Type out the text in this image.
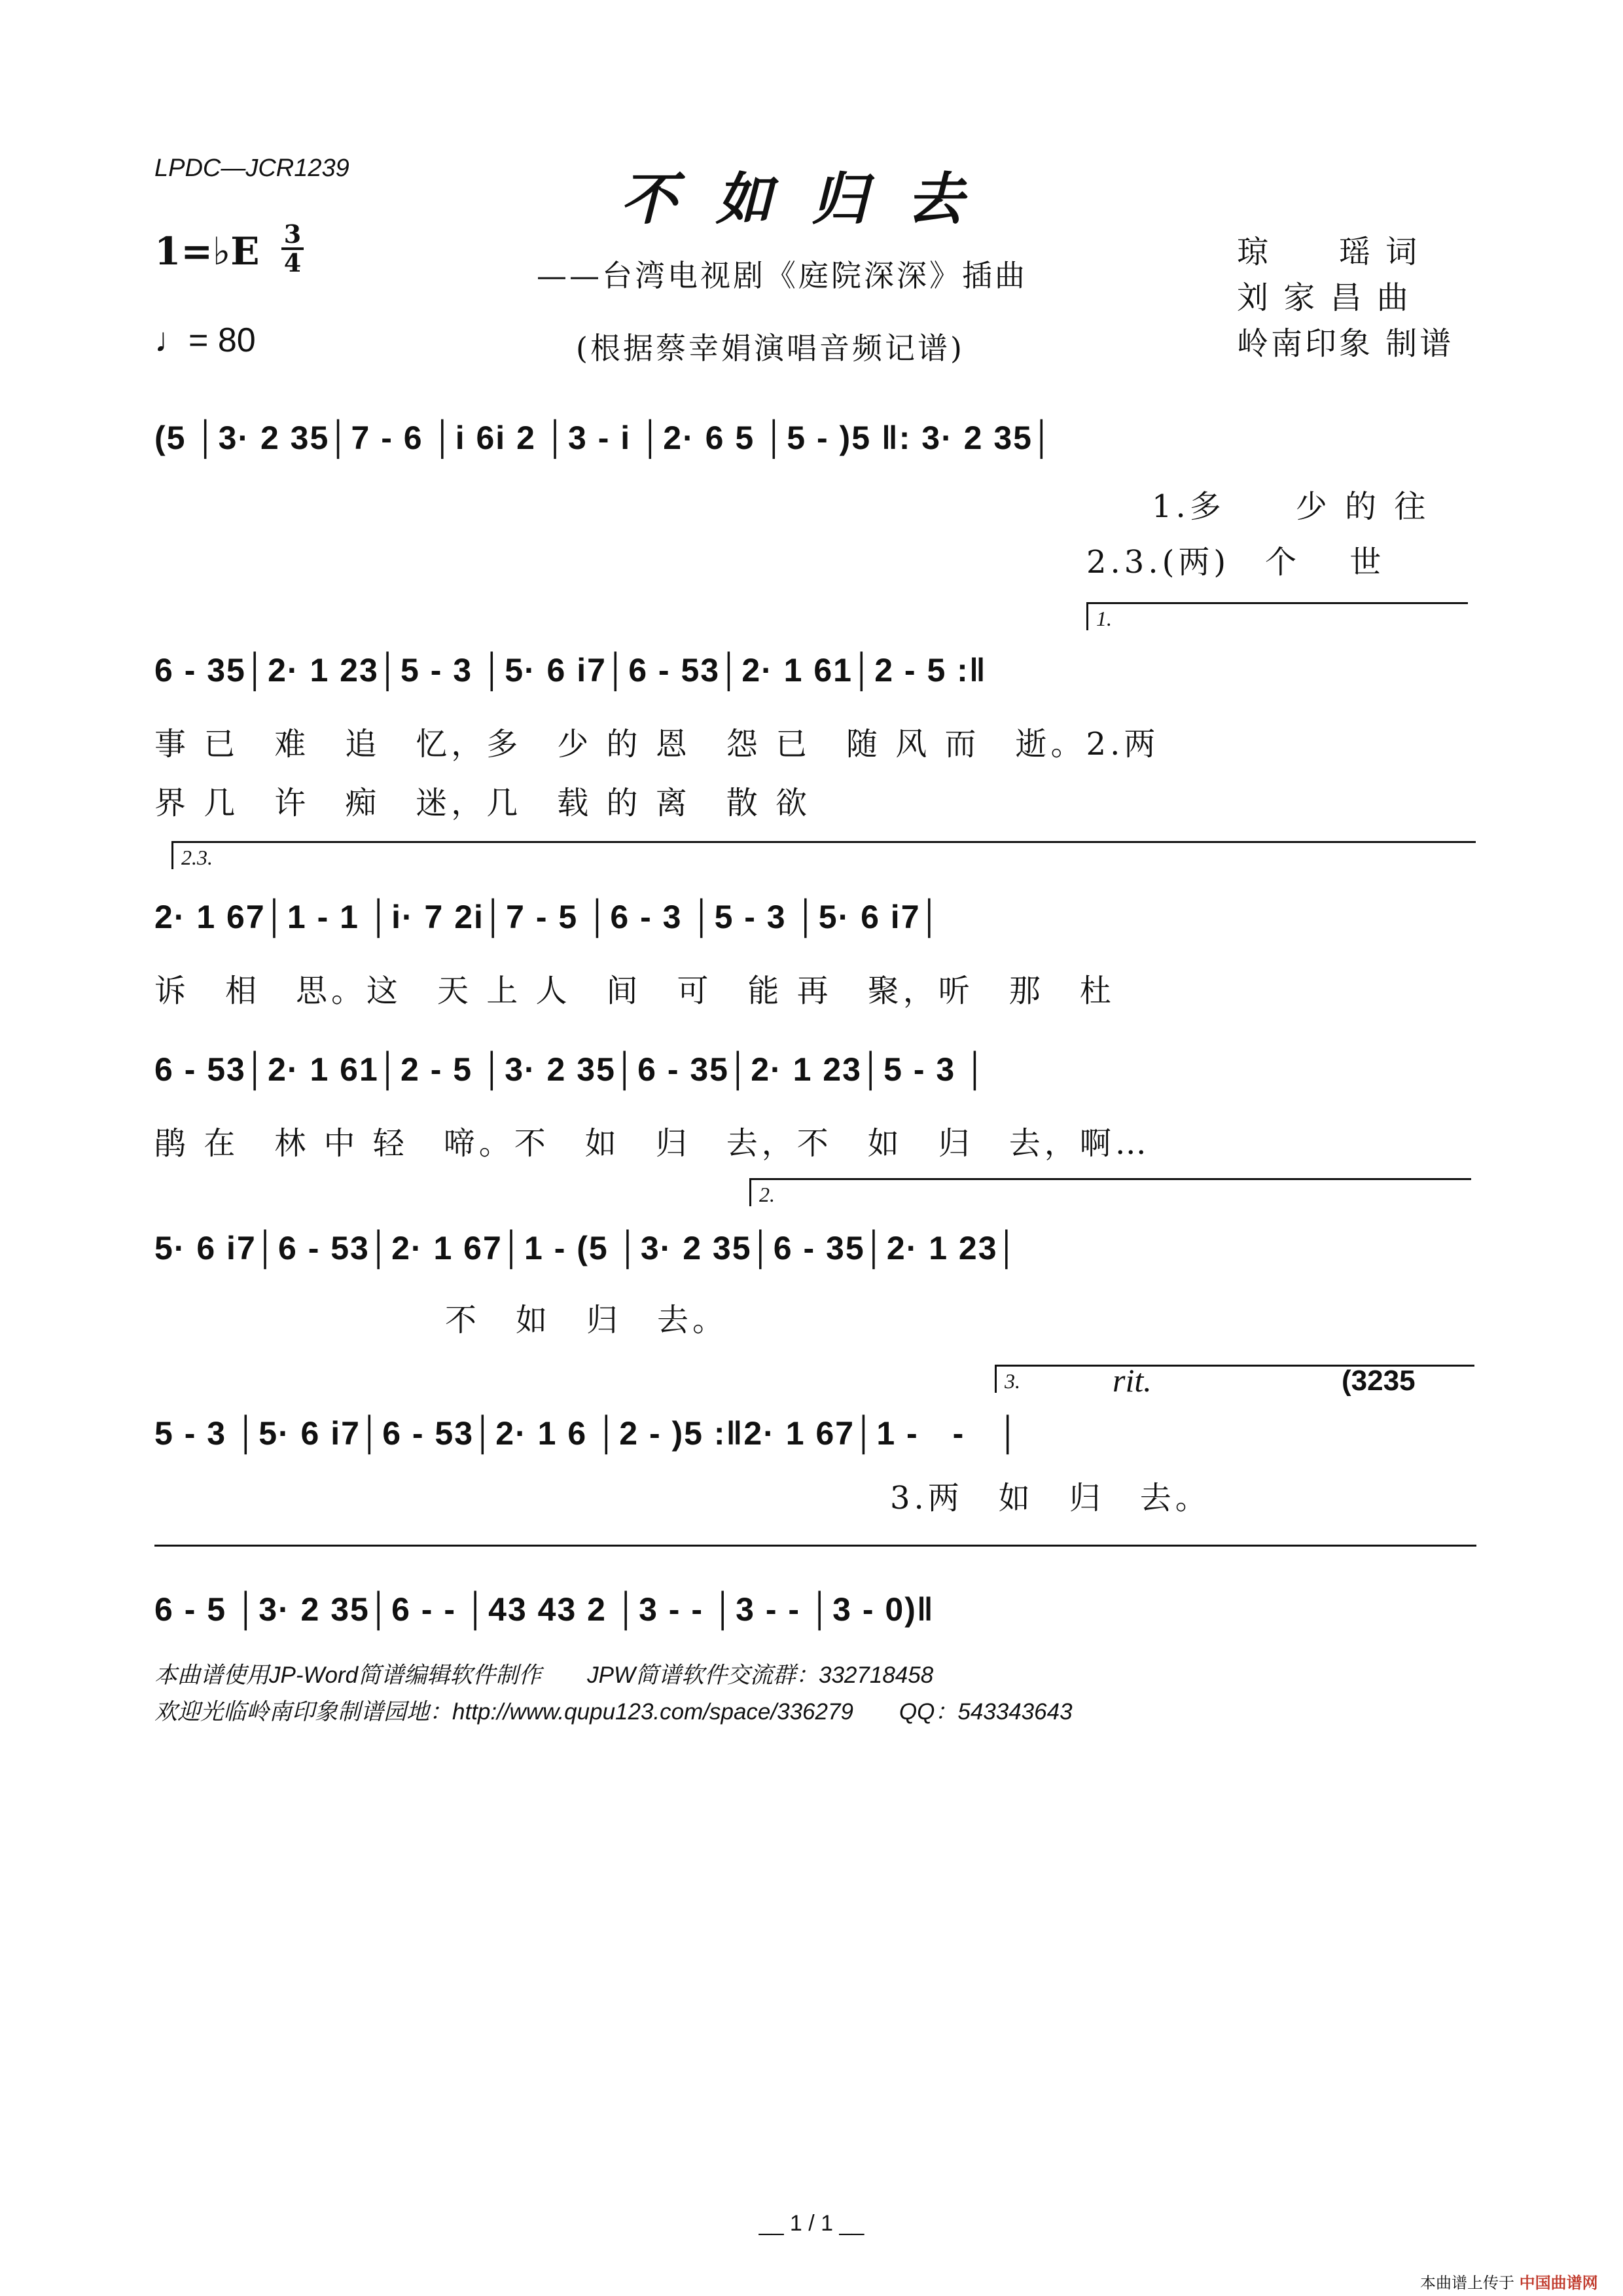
LPDC—JCR1239	不如归去
——台湾电视剧《庭院深深》插曲
(根据蔡幸娟演唱音频记谱)
1=♭E 3
4
♩= 80
琼　　瑶 词
刘 家 昌 曲
岭南印象 制谱
(5 │3· 2 35│7 - 6 │i 6i 2 │3 - i │2· 6 5 │5 - )5 ‖: 3· 2 35│
1.多　　少 的 往
2.3.(两)　个　 世
1.
6 - 35│2· 1 23│5 - 3 │5· 6 i7│6 - 53│2· 1 61│2 - 5 :‖
事 已　难　追　忆，多　少 的 恩　怨 已　随 风 而　逝。2.两
界 几　许　痴　迷，几　载 的 离　散 欲
2.3.
2· 1 67│1 - 1 │i· 7 2i│7 - 5 │6 - 3 │5 - 3 │5· 6 i7│
诉　相　思。这　天 上 人　间　可　能 再　聚，听　那　杜
6 - 53│2· 1 61│2 - 5 │3· 2 35│6 - 35│2· 1 23│5 - 3 │
鹃 在　林 中 轻　啼。不　如　归　去，不　如　归　去，啊…
2.
5· 6 i7│6 - 53│2· 1 67│1 - (5 │3· 2 35│6 - 35│2· 1 23│
不　如　归　去。
3.	rit.	(3235
5 - 3 │5· 6 i7│6 - 53│2· 1 6 │2 - )5 :‖2· 1 67│1 -　-　│
3.两　如　归　去。
6 - 5 │3· 2 35│6 - - │43 43 2 │3 - - │3 - - │3 - 0)‖
本曲谱使用JP-Word简谱编辑软件制作　　JPW简谱软件交流群：332718458
欢迎光临岭南印象制谱园地：http://www.qupu123.com/space/336279　　QQ：543343643
__ 1 / 1 __
本曲谱上传于 中国曲谱网
